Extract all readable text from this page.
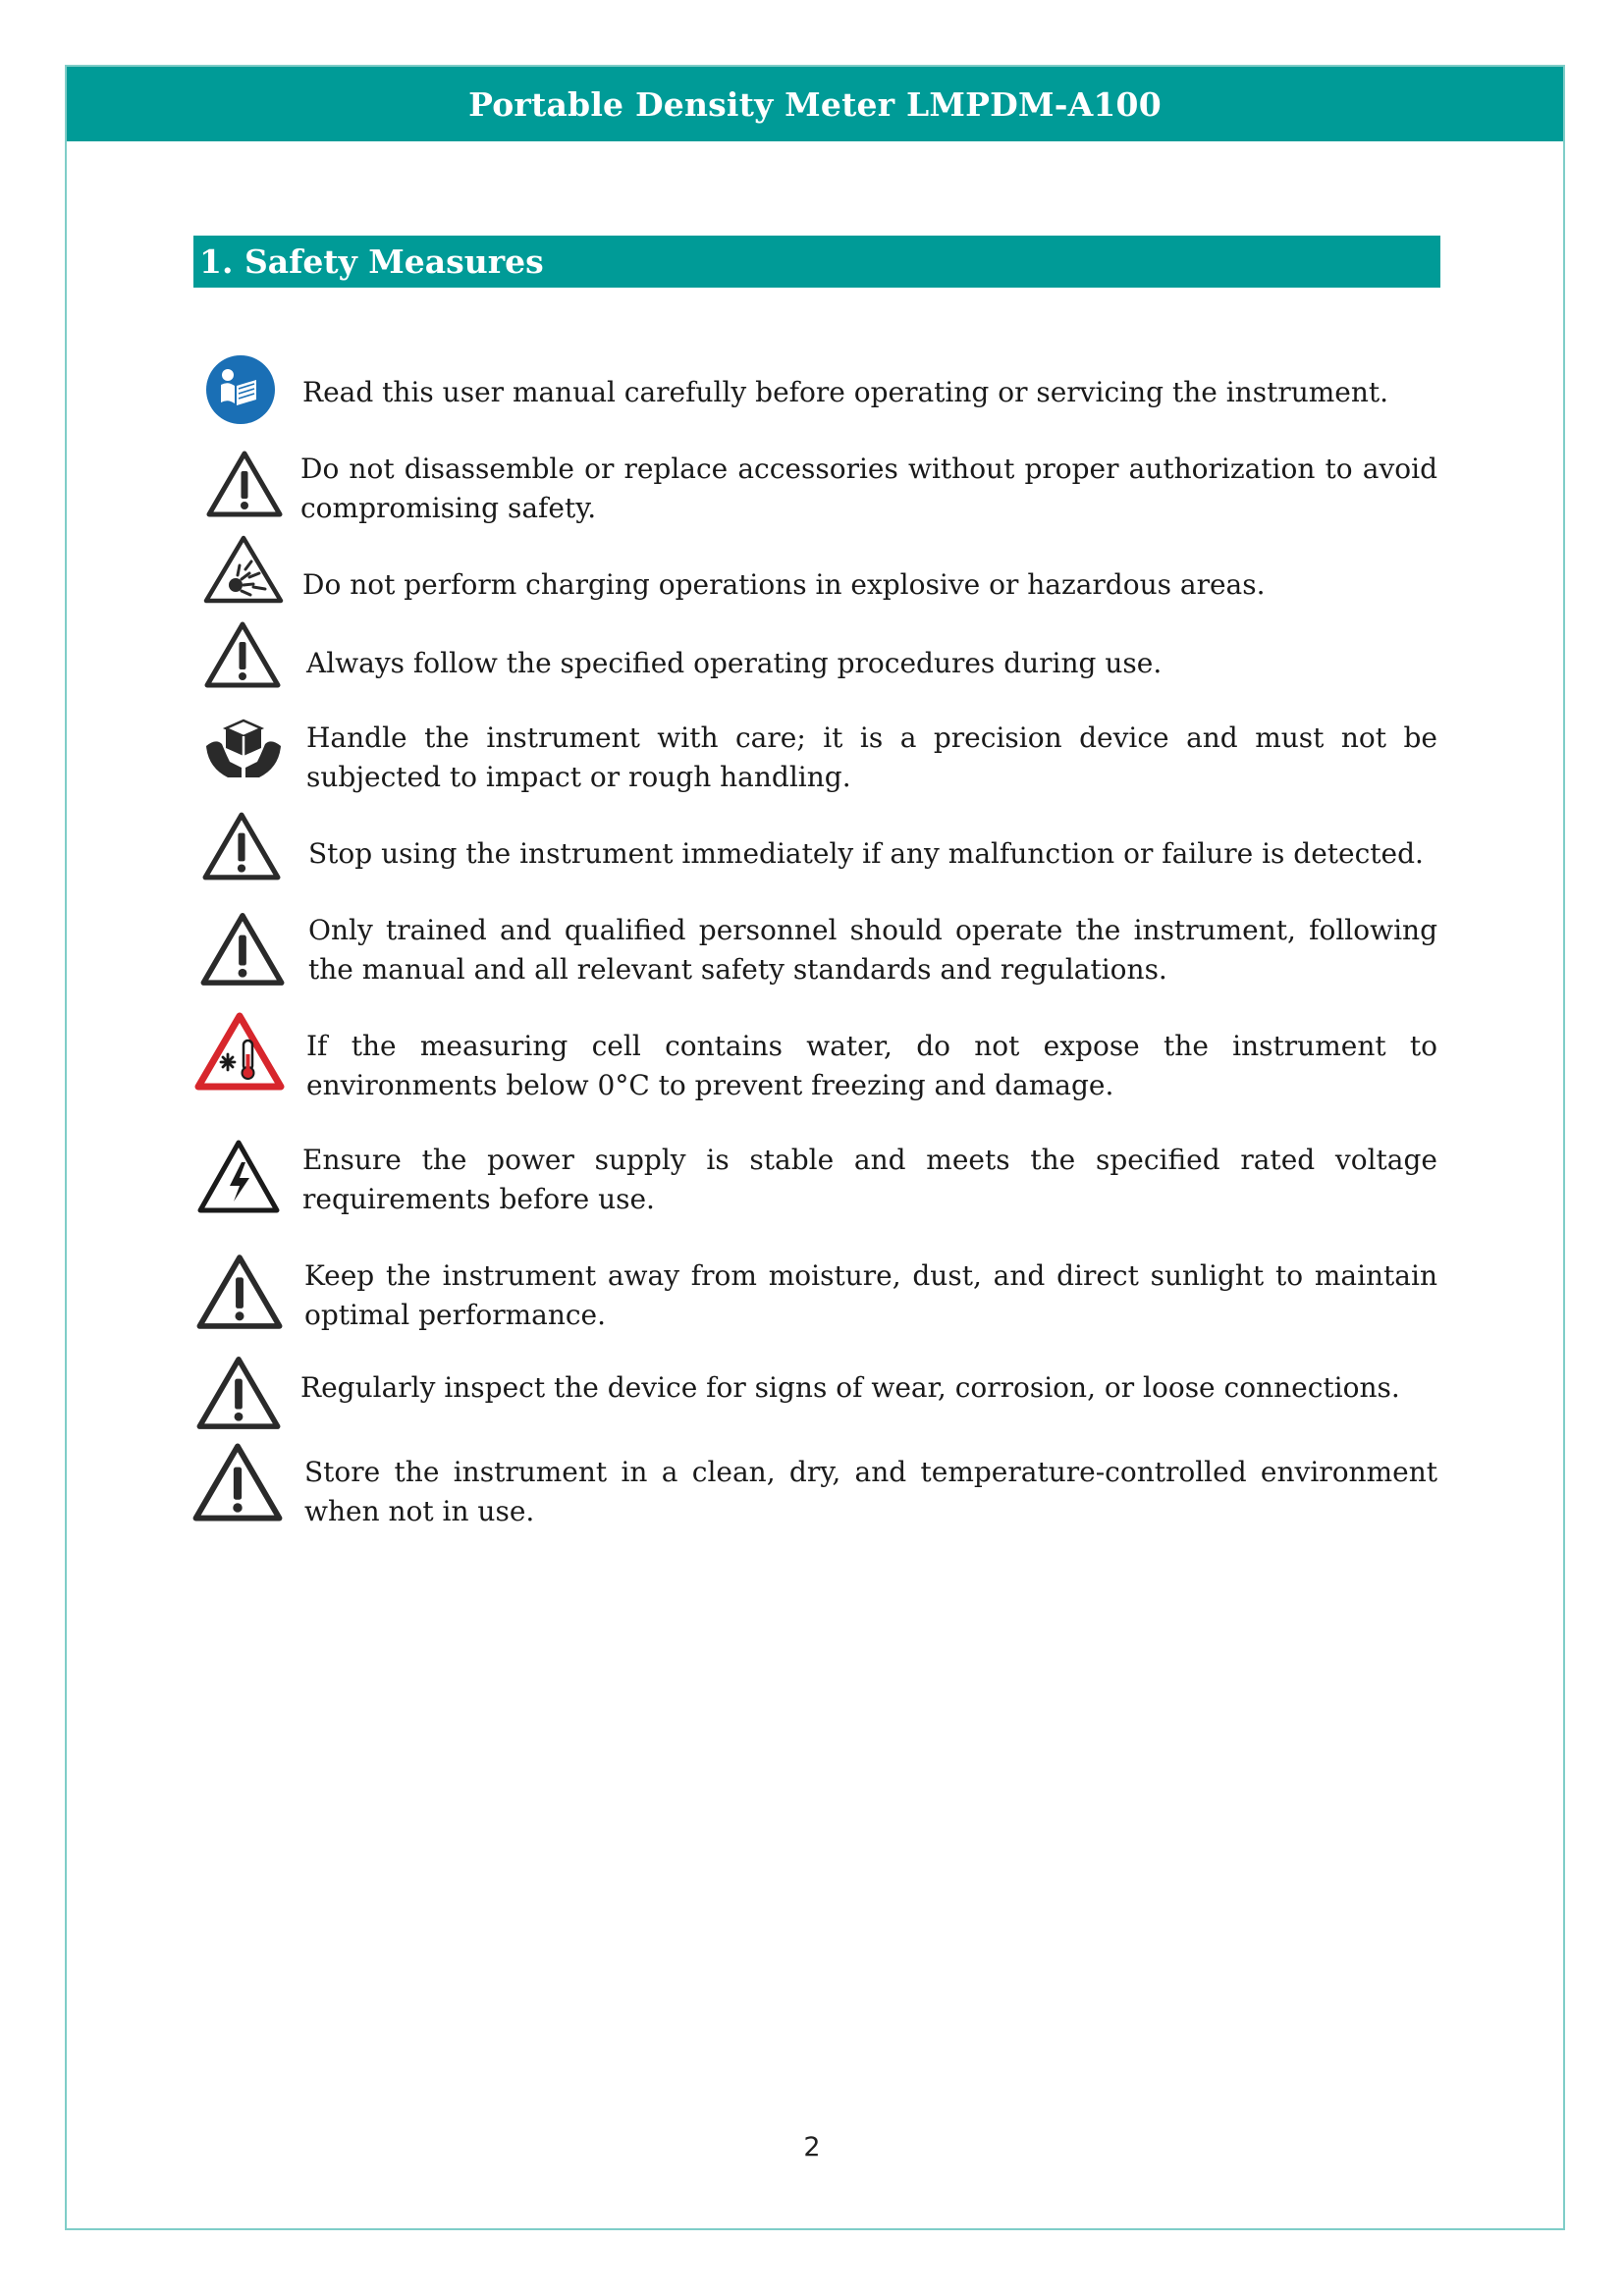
Portable Density Meter LMPDM-A100
1. Safety Measures
Read this user manual carefully before operating or servicing the instrument.
Do not disassemble or replace accessories without proper authorization to avoid compromising safety.
Do not perform charging operations in explosive or hazardous areas.
Always follow the specified operating procedures during use.
Handle the instrument with care; it is a precision device and must not be subjected to impact or rough handling.
Stop using the instrument immediately if any malfunction or failure is detected.
Only trained and qualified personnel should operate the instrument, following the manual and all relevant safety standards and regulations.
If the measuring cell contains water, do not expose the instrument to environments below 0°C to prevent freezing and damage.
Ensure the power supply is stable and meets the specified rated voltage requirements before use.
Keep the instrument away from moisture, dust, and direct sunlight to maintain optimal performance.
Regularly inspect the device for signs of wear, corrosion, or loose connections.
Store the instrument in a clean, dry, and temperature-controlled environment when not in use.
2
